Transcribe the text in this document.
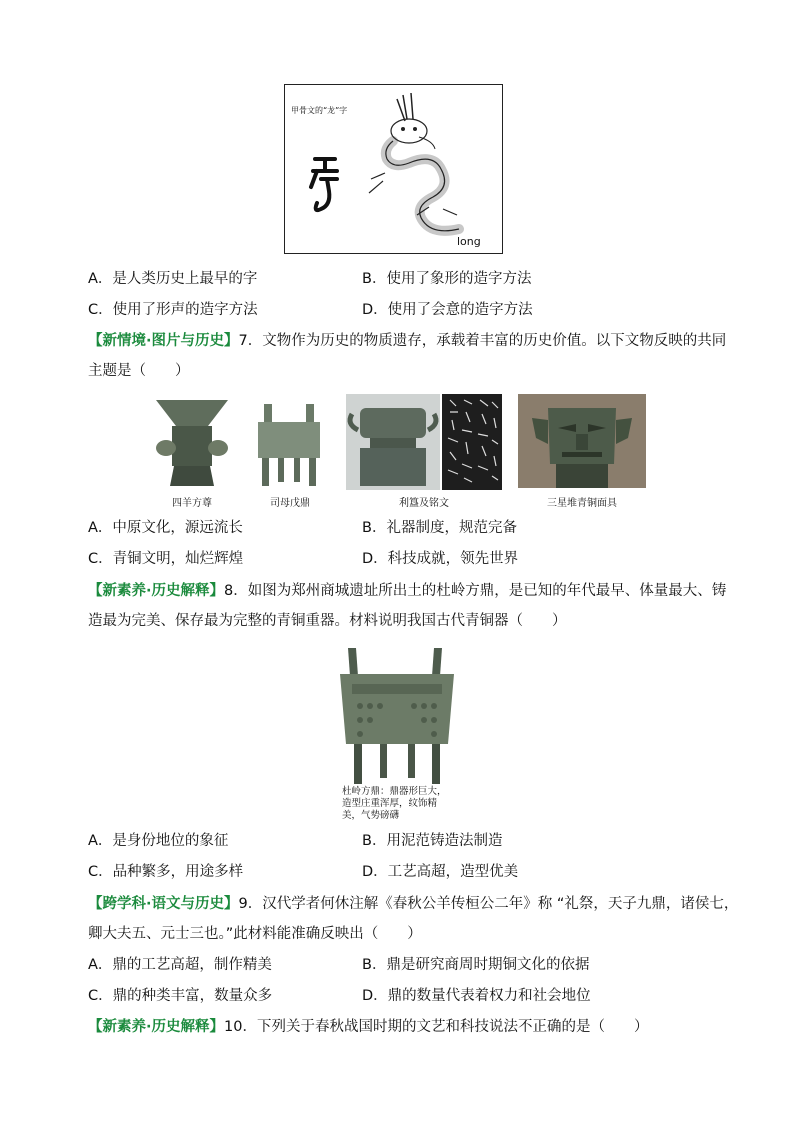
甲骨文的“龙”字
long
A．是人类历史上最早的字	B．使用了象形的造字方法
C．使用了形声的造字方法	D．使用了会意的造字方法
【新情境·图片与历史】7．文物作为历史的物质遗存，承载着丰富的历史价值。以下文物反映的共同
主题是（　　）
四羊方尊	司母戊鼎	利簋及铭文	三星堆青铜面具
A．中原文化，源远流长	B．礼器制度，规范完备
C．青铜文明，灿烂辉煌	D．科技成就，领先世界
【新素养·历史解释】8．如图为郑州商城遗址所出土的杜岭方鼎，是已知的年代最早、体量最大、铸
造最为完美、保存最为完整的青铜重器。材料说明我国古代青铜器（　　）
杜岭方鼎：鼎器形巨大，
造型庄重浑厚，纹饰精
美，气势磅礴
A．是身份地位的象征	B．用泥范铸造法制造
C．品种繁多，用途多样	D．工艺高超，造型优美
【跨学科·语文与历史】9．汉代学者何休注解《春秋公羊传桓公二年》称 “礼祭，天子九鼎，诸侯七，
卿大夫五、元士三也。”此材料能准确反映出（　　）
A．鼎的工艺高超，制作精美	B．鼎是研究商周时期铜文化的依据
C．鼎的种类丰富，数量众多	D．鼎的数量代表着权力和社会地位
【新素养·历史解释】10．下列关于春秋战国时期的文艺和科技说法不正确的是（　　）
